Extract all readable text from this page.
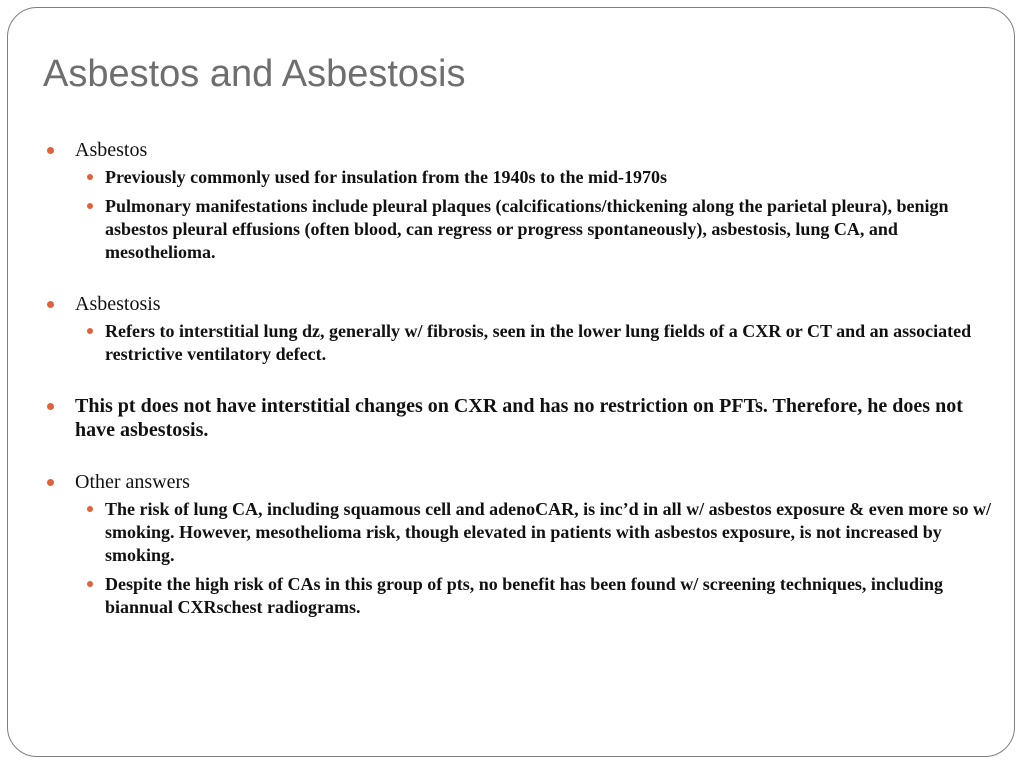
Asbestos and Asbestosis
Asbestos
Previously commonly used for insulation from the 1940s to the mid-1970s
Pulmonary manifestations include pleural plaques (calcifications/thickening along the parietal pleura), benign asbestos pleural effusions (often blood, can regress or progress spontaneously), asbestosis, lung CA, and mesothelioma.
Asbestosis
Refers to interstitial lung dz, generally w/ fibrosis, seen in the lower lung fields of a CXR or CT and an associated restrictive ventilatory defect.
This pt does not have interstitial changes on CXR and has no restriction on PFTs. Therefore, he does not have asbestosis.
Other answers
The risk of lung CA, including squamous cell and adenoCAR, is inc’d in all w/ asbestos exposure & even more so w/ smoking. However, mesothelioma risk, though elevated in patients with asbestos exposure, is not increased by smoking.
Despite the high risk of CAs in this group of pts, no benefit has been found w/ screening techniques, including biannual CXRschest radiograms.
